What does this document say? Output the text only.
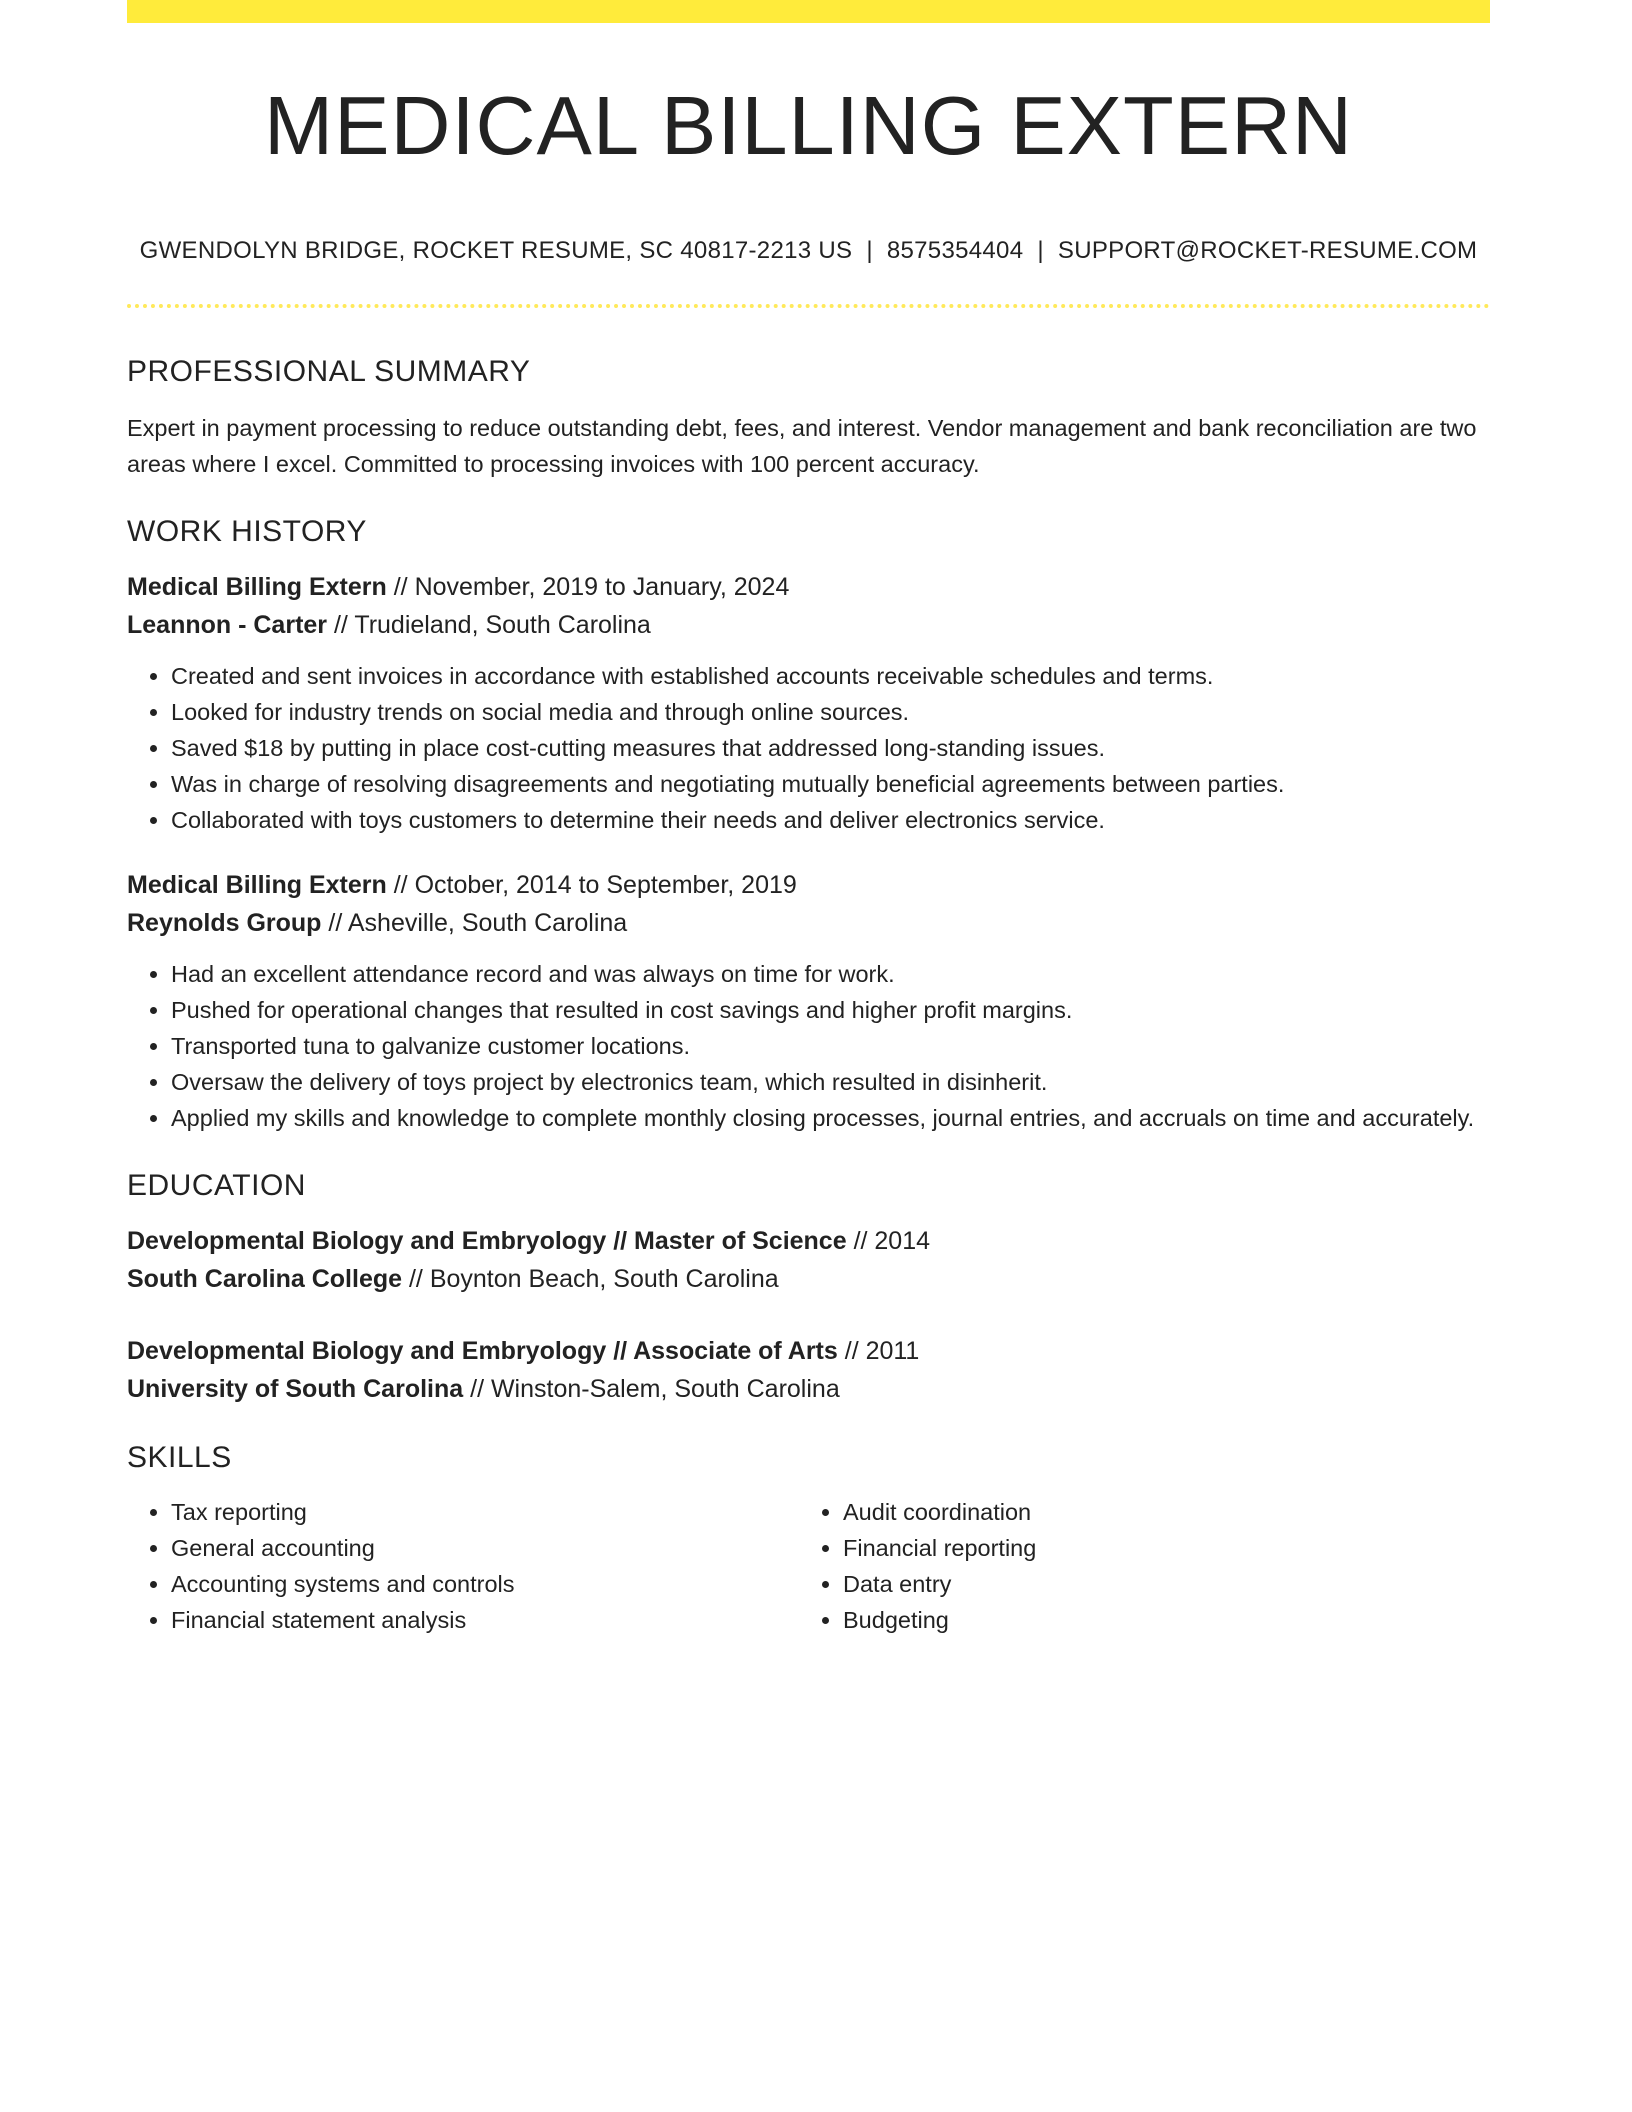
MEDICAL BILLING EXTERN
GWENDOLYN BRIDGE, ROCKET RESUME, SC 40817-2213 US | 8575354404 | SUPPORT@ROCKET-RESUME.COM
PROFESSIONAL SUMMARY

Expert in payment processing to reduce outstanding debt, fees, and interest. Vendor management and bank reconciliation are two areas where I excel. Committed to processing invoices with 100 percent accuracy.

WORK HISTORY

Medical Billing Extern // November, 2019 to January, 2024

Leannon - Carter // Trudieland, South Carolina

• Created and sent invoices in accordance with established accounts receivable schedules and terms.
• Looked for industry trends on social media and through online sources.
• Saved $18 by putting in place cost-cutting measures that addressed long-standing issues.
• Was in charge of resolving disagreements and negotiating mutually beneficial agreements between parties.
• Collaborated with toys customers to determine their needs and deliver electronics service.

Medical Billing Extern // October, 2014 to September, 2019

Reynolds Group // Asheville, South Carolina

• Had an excellent attendance record and was always on time for work.
• Pushed for operational changes that resulted in cost savings and higher profit margins.
• Transported tuna to galvanize customer locations.
• Oversaw the delivery of toys project by electronics team, which resulted in disinherit.
• Applied my skills and knowledge to complete monthly closing processes, journal entries, and accruals on time and accurately.
EDUCATION

Developmental Biology and Embryology // Master of Science // 2014

South Carolina College // Boynton Beach, South Carolina

Developmental Biology and Embryology // Associate of Arts // 2011

University of South Carolina // Winston-Salem, South Carolina

SKILLS
• Tax reporting
• General accounting
• Accounting systems and controls
• Financial statement analysis
• Audit coordination
• Financial reporting
• Data entry
• Budgeting
